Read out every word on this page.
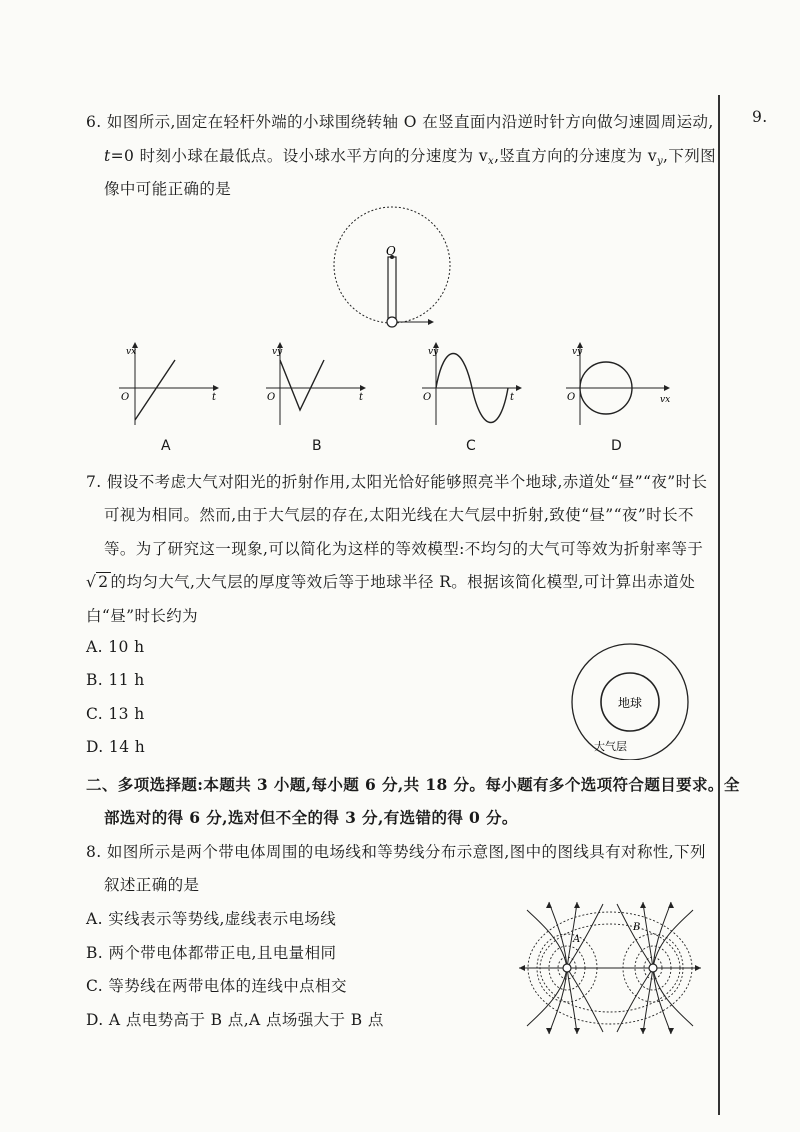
9.
6. 如图所示,固定在轻杆外端的小球围绕转轴 O 在竖直面内沿逆时针方向做匀速圆周运动,
t=0 时刻小球在最低点。设小球水平方向的分速度为 $v_x$,竖直方向的分速度为 $v_y$,下列图
像中可能正确的是
O
vx
O	t
A
vy
O	t
B
vy
O	t
C
vy
O	vx
D
7. 假设不考虑大气对阳光的折射作用,太阳光恰好能够照亮半个地球,赤道处“昼”“夜”时长
可视为相同。然而,由于大气层的存在,太阳光线在大气层中折射,致使“昼”“夜”时长不
等。为了研究这一现象,可以简化为这样的等效模型:不均匀的大气可等效为折射率等于
√ 2 的均匀大气,大气层的厚度等效后等于地球半径 R。根据该简化模型,可计算出赤道处
白“昼”时长约为
A. 10 h
B. 11 h
C. 13 h
D. 14 h
地球
大气层
二、多项选择题:本题共 3 小题,每小题 6 分,共 18 分。每小题有多个选项符合题目要求。全
部选对的得 6 分,选对但不全的得 3 分,有选错的得 0 分。
8. 如图所示是两个带电体周围的电场线和等势线分布示意图,图中的图线具有对称性,下列
叙述正确的是
A. 实线表示等势线,虚线表示电场线
B. 两个带电体都带正电,且电量相同
C. 等势线在两带电体的连线中点相交
D. A 点电势高于 B 点,A 点场强大于 B 点
A
B
